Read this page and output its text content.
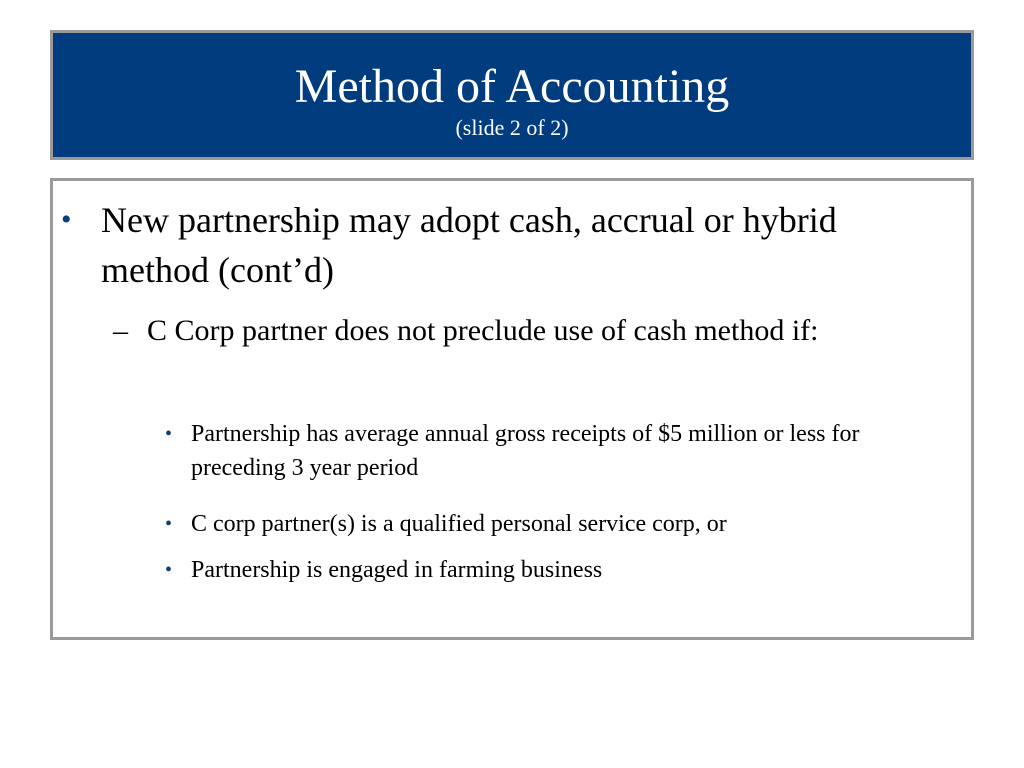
Method of Accounting
(slide 2 of 2)
• New partnership may adopt cash, accrual or hybrid method (cont’d)
– C Corp partner does not preclude use of cash method if:
• Partnership has average annual gross receipts of $5 million or less for preceding 3 year period
• C corp partner(s) is a qualified personal service corp, or
• Partnership is engaged in farming business
